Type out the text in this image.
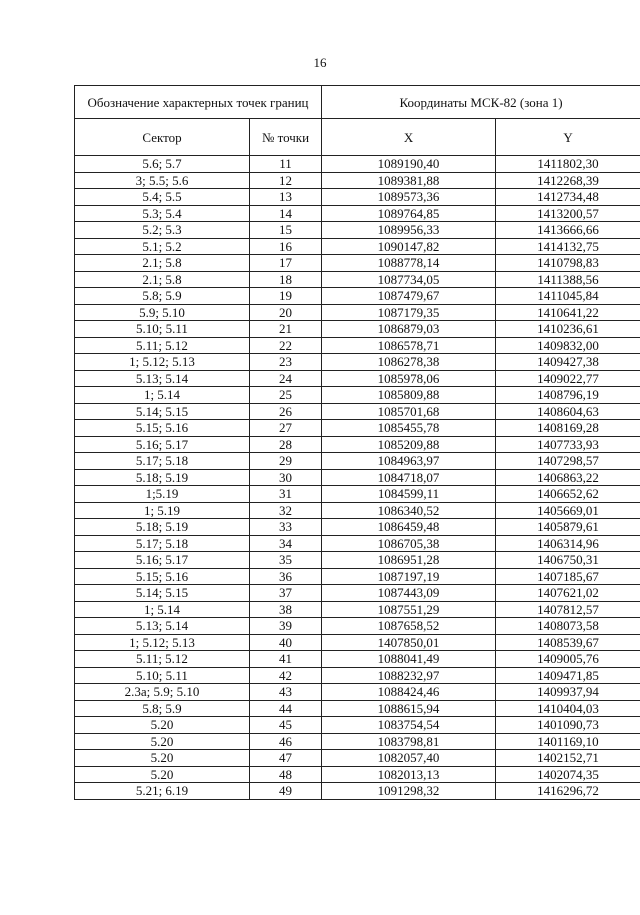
16
Обозначение характерных точек границ		Координаты МСК-82 (зона 1)	
Сектор	№ точки	X	Y
5.6; 5.7	11	1089190,40	1411802,30
3; 5.5; 5.6	12	1089381,88	1412268,39
5.4; 5.5	13	1089573,36	1412734,48
5.3; 5.4	14	1089764,85	1413200,57
5.2; 5.3	15	1089956,33	1413666,66
5.1; 5.2	16	1090147,82	1414132,75
2.1; 5.8	17	1088778,14	1410798,83
2.1; 5.8	18	1087734,05	1411388,56
5.8; 5.9	19	1087479,67	1411045,84
5.9; 5.10	20	1087179,35	1410641,22
5.10; 5.11	21	1086879,03	1410236,61
5.11; 5.12	22	1086578,71	1409832,00
1; 5.12; 5.13	23	1086278,38	1409427,38
5.13; 5.14	24	1085978,06	1409022,77
1; 5.14	25	1085809,88	1408796,19
5.14; 5.15	26	1085701,68	1408604,63
5.15; 5.16	27	1085455,78	1408169,28
5.16; 5.17	28	1085209,88	1407733,93
5.17; 5.18	29	1084963,97	1407298,57
5.18; 5.19	30	1084718,07	1406863,22
1;5.19	31	1084599,11	1406652,62
1; 5.19	32	1086340,52	1405669,01
5.18; 5.19	33	1086459,48	1405879,61
5.17; 5.18	34	1086705,38	1406314,96
5.16; 5.17	35	1086951,28	1406750,31
5.15; 5.16	36	1087197,19	1407185,67
5.14; 5.15	37	1087443,09	1407621,02
1; 5.14	38	1087551,29	1407812,57
5.13; 5.14	39	1087658,52	1408073,58
1; 5.12; 5.13	40	1407850,01	1408539,67
5.11; 5.12	41	1088041,49	1409005,76
5.10; 5.11	42	1088232,97	1409471,85
2.3а; 5.9; 5.10	43	1088424,46	1409937,94
5.8; 5.9	44	1088615,94	1410404,03
5.20	45	1083754,54	1401090,73
5.20	46	1083798,81	1401169,10
5.20	47	1082057,40	1402152,71
5.20	48	1082013,13	1402074,35
5.21; 6.19	49	1091298,32	1416296,72
